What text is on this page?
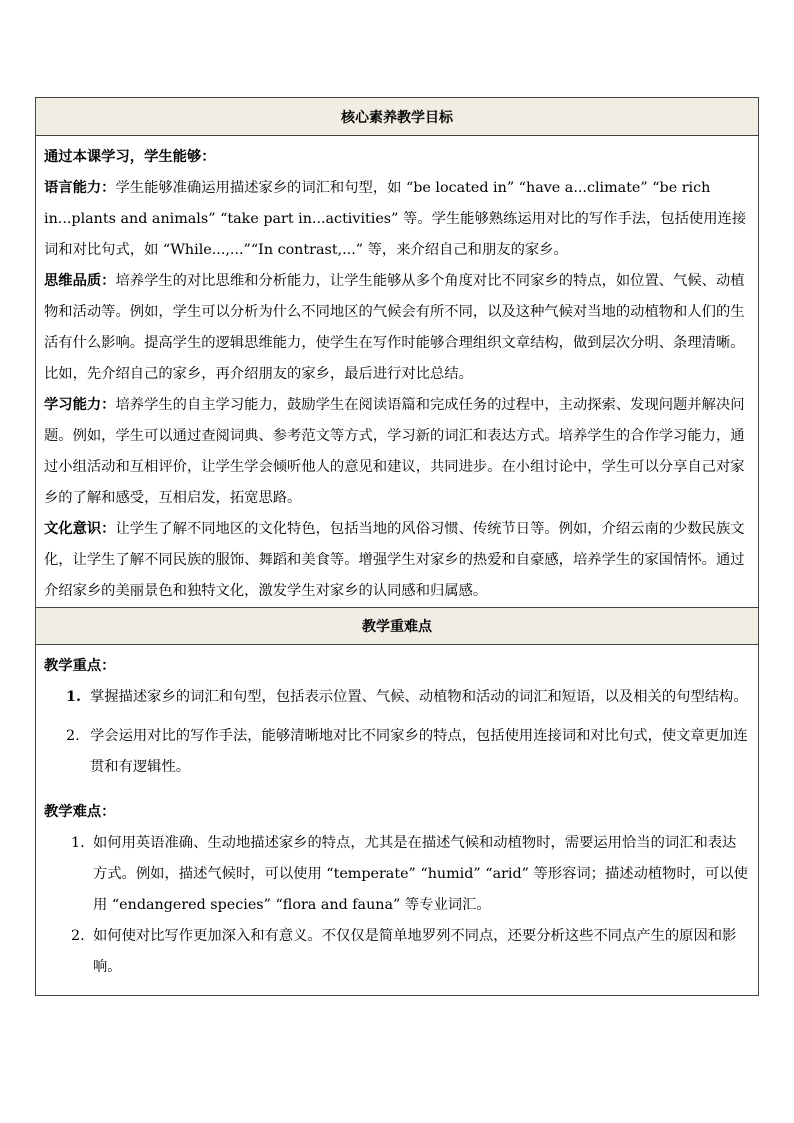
核心素养教学目标

通过本课学习，学生能够：

语言能力：学生能够准确运用描述家乡的词汇和句型，如 “be located in” “have a...climate” “be rich in...plants and animals” “take part in...activities” 等。学生能够熟练运用对比的写作手法，包括使用连接词和对比句式，如 “While...,...”“In contrast,...” 等，来介绍自己和朋友的家乡。

思维品质：培养学生的对比思维和分析能力，让学生能够从多个角度对比不同家乡的特点，如位置、气候、动植物和活动等。例如，学生可以分析为什么不同地区的气候会有所不同，以及这种气候对当地的动植物和人们的生活有什么影响。提高学生的逻辑思维能力，使学生在写作时能够合理组织文章结构，做到层次分明、条理清晰。比如，先介绍自己的家乡，再介绍朋友的家乡，最后进行对比总结。

学习能力：培养学生的自主学习能力，鼓励学生在阅读语篇和完成任务的过程中，主动探索、发现问题并解决问题。例如，学生可以通过查阅词典、参考范文等方式，学习新的词汇和表达方式。培养学生的合作学习能力，通过小组活动和互相评价，让学生学会倾听他人的意见和建议，共同进步。在小组讨论中，学生可以分享自己对家乡的了解和感受，互相启发，拓宽思路。

文化意识：让学生了解不同地区的文化特色，包括当地的风俗习惯、传统节日等。例如，介绍云南的少数民族文化，让学生了解不同民族的服饰、舞蹈和美食等。增强学生对家乡的热爱和自豪感，培养学生的家国情怀。通过介绍家乡的美丽景色和独特文化，激发学生对家乡的认同感和归属感。

教学重难点

教学重点：

1. 掌握描述家乡的词汇和句型，包括表示位置、气候、动植物和活动的词汇和短语，以及相关的句型结构。
2. 学会运用对比的写作手法，能够清晰地对比不同家乡的特点，包括使用连接词和对比句式，使文章更加连贯和有逻辑性。

教学难点：

1. 如何用英语准确、生动地描述家乡的特点，尤其是在描述气候和动植物时，需要运用恰当的词汇和表达方式。例如，描述气候时，可以使用 “temperate” “humid” “arid” 等形容词；描述动植物时，可以使用 “endangered species” “flora and fauna” 等专业词汇。
2. 如何使对比写作更加深入和有意义。不仅仅是简单地罗列不同点，还要分析这些不同点产生的原因和影响。
